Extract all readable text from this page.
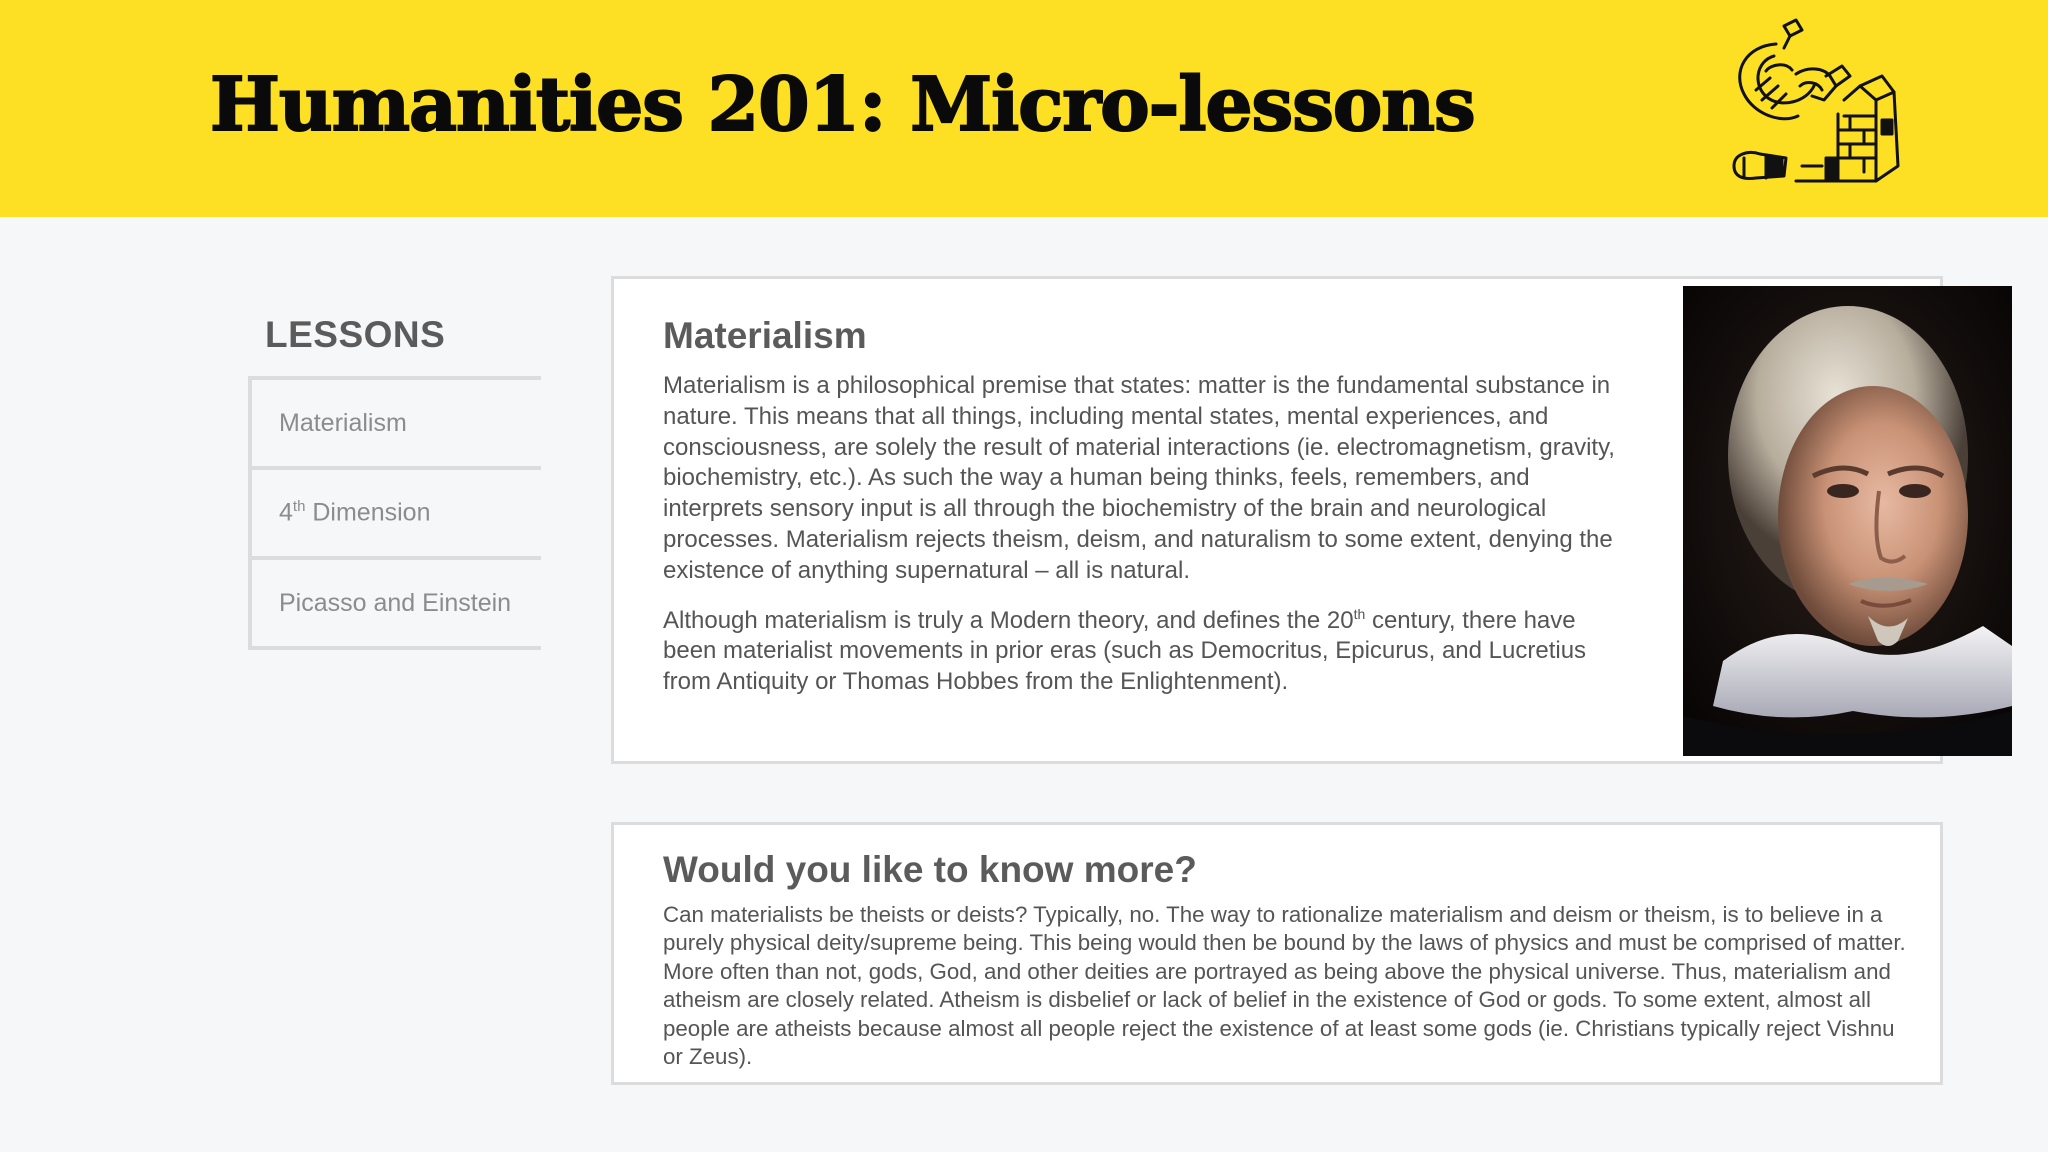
Humanities 201: Micro-lessons
LESSONS
Materialism
4th Dimension
Picasso and Einstein
Materialism

Materialism is a philosophical premise that states: matter is the fundamental substance in nature. This means that all things, including mental states, mental experiences, and consciousness, are solely the result of material interactions (ie. electromagnetism, gravity, biochemistry, etc.). As such the way a human being thinks, feels, remembers, and interprets sensory input is all through the biochemistry of the brain and neurological processes. Materialism rejects theism, deism, and naturalism to some extent, denying the existence of anything supernatural – all is natural.

Although materialism is truly a Modern theory, and defines the 20th century, there have been materialist movements in prior eras (such as Democritus, Epicurus, and Lucretius from Antiquity or Thomas Hobbes from the Enlightenment).

Would you like to know more?

Can materialists be theists or deists? Typically, no. The way to rationalize materialism and deism or theism, is to believe in a purely physical deity/supreme being. This being would then be bound by the laws of physics and must be comprised of matter. More often than not, gods, God, and other deities are portrayed as being above the physical universe. Thus, materialism and atheism are closely related. Atheism is disbelief or lack of belief in the existence of God or gods. To some extent, almost all people are atheists because almost all people reject the existence of at least some gods (ie. Christians typically reject Vishnu or Zeus).
